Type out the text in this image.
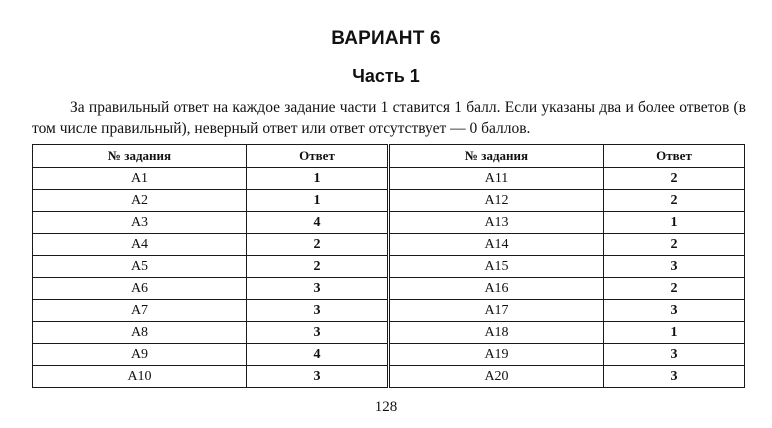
ВАРИАНТ 6
Часть 1
За правильный ответ на каждое задание части 1 ставится 1 балл. Если указаны два и более ответов (в том числе правильный), неверный ответ или ответ отсутствует — 0 баллов.
№ задания	Ответ	№ задания	Ответ
A1	1	A11	2
A2	1	A12	2
A3	4	A13	1
A4	2	A14	2
A5	2	A15	3
A6	3	A16	2
A7	3	A17	3
A8	3	A18	1
A9	4	A19	3
A10	3	A20	3
128
